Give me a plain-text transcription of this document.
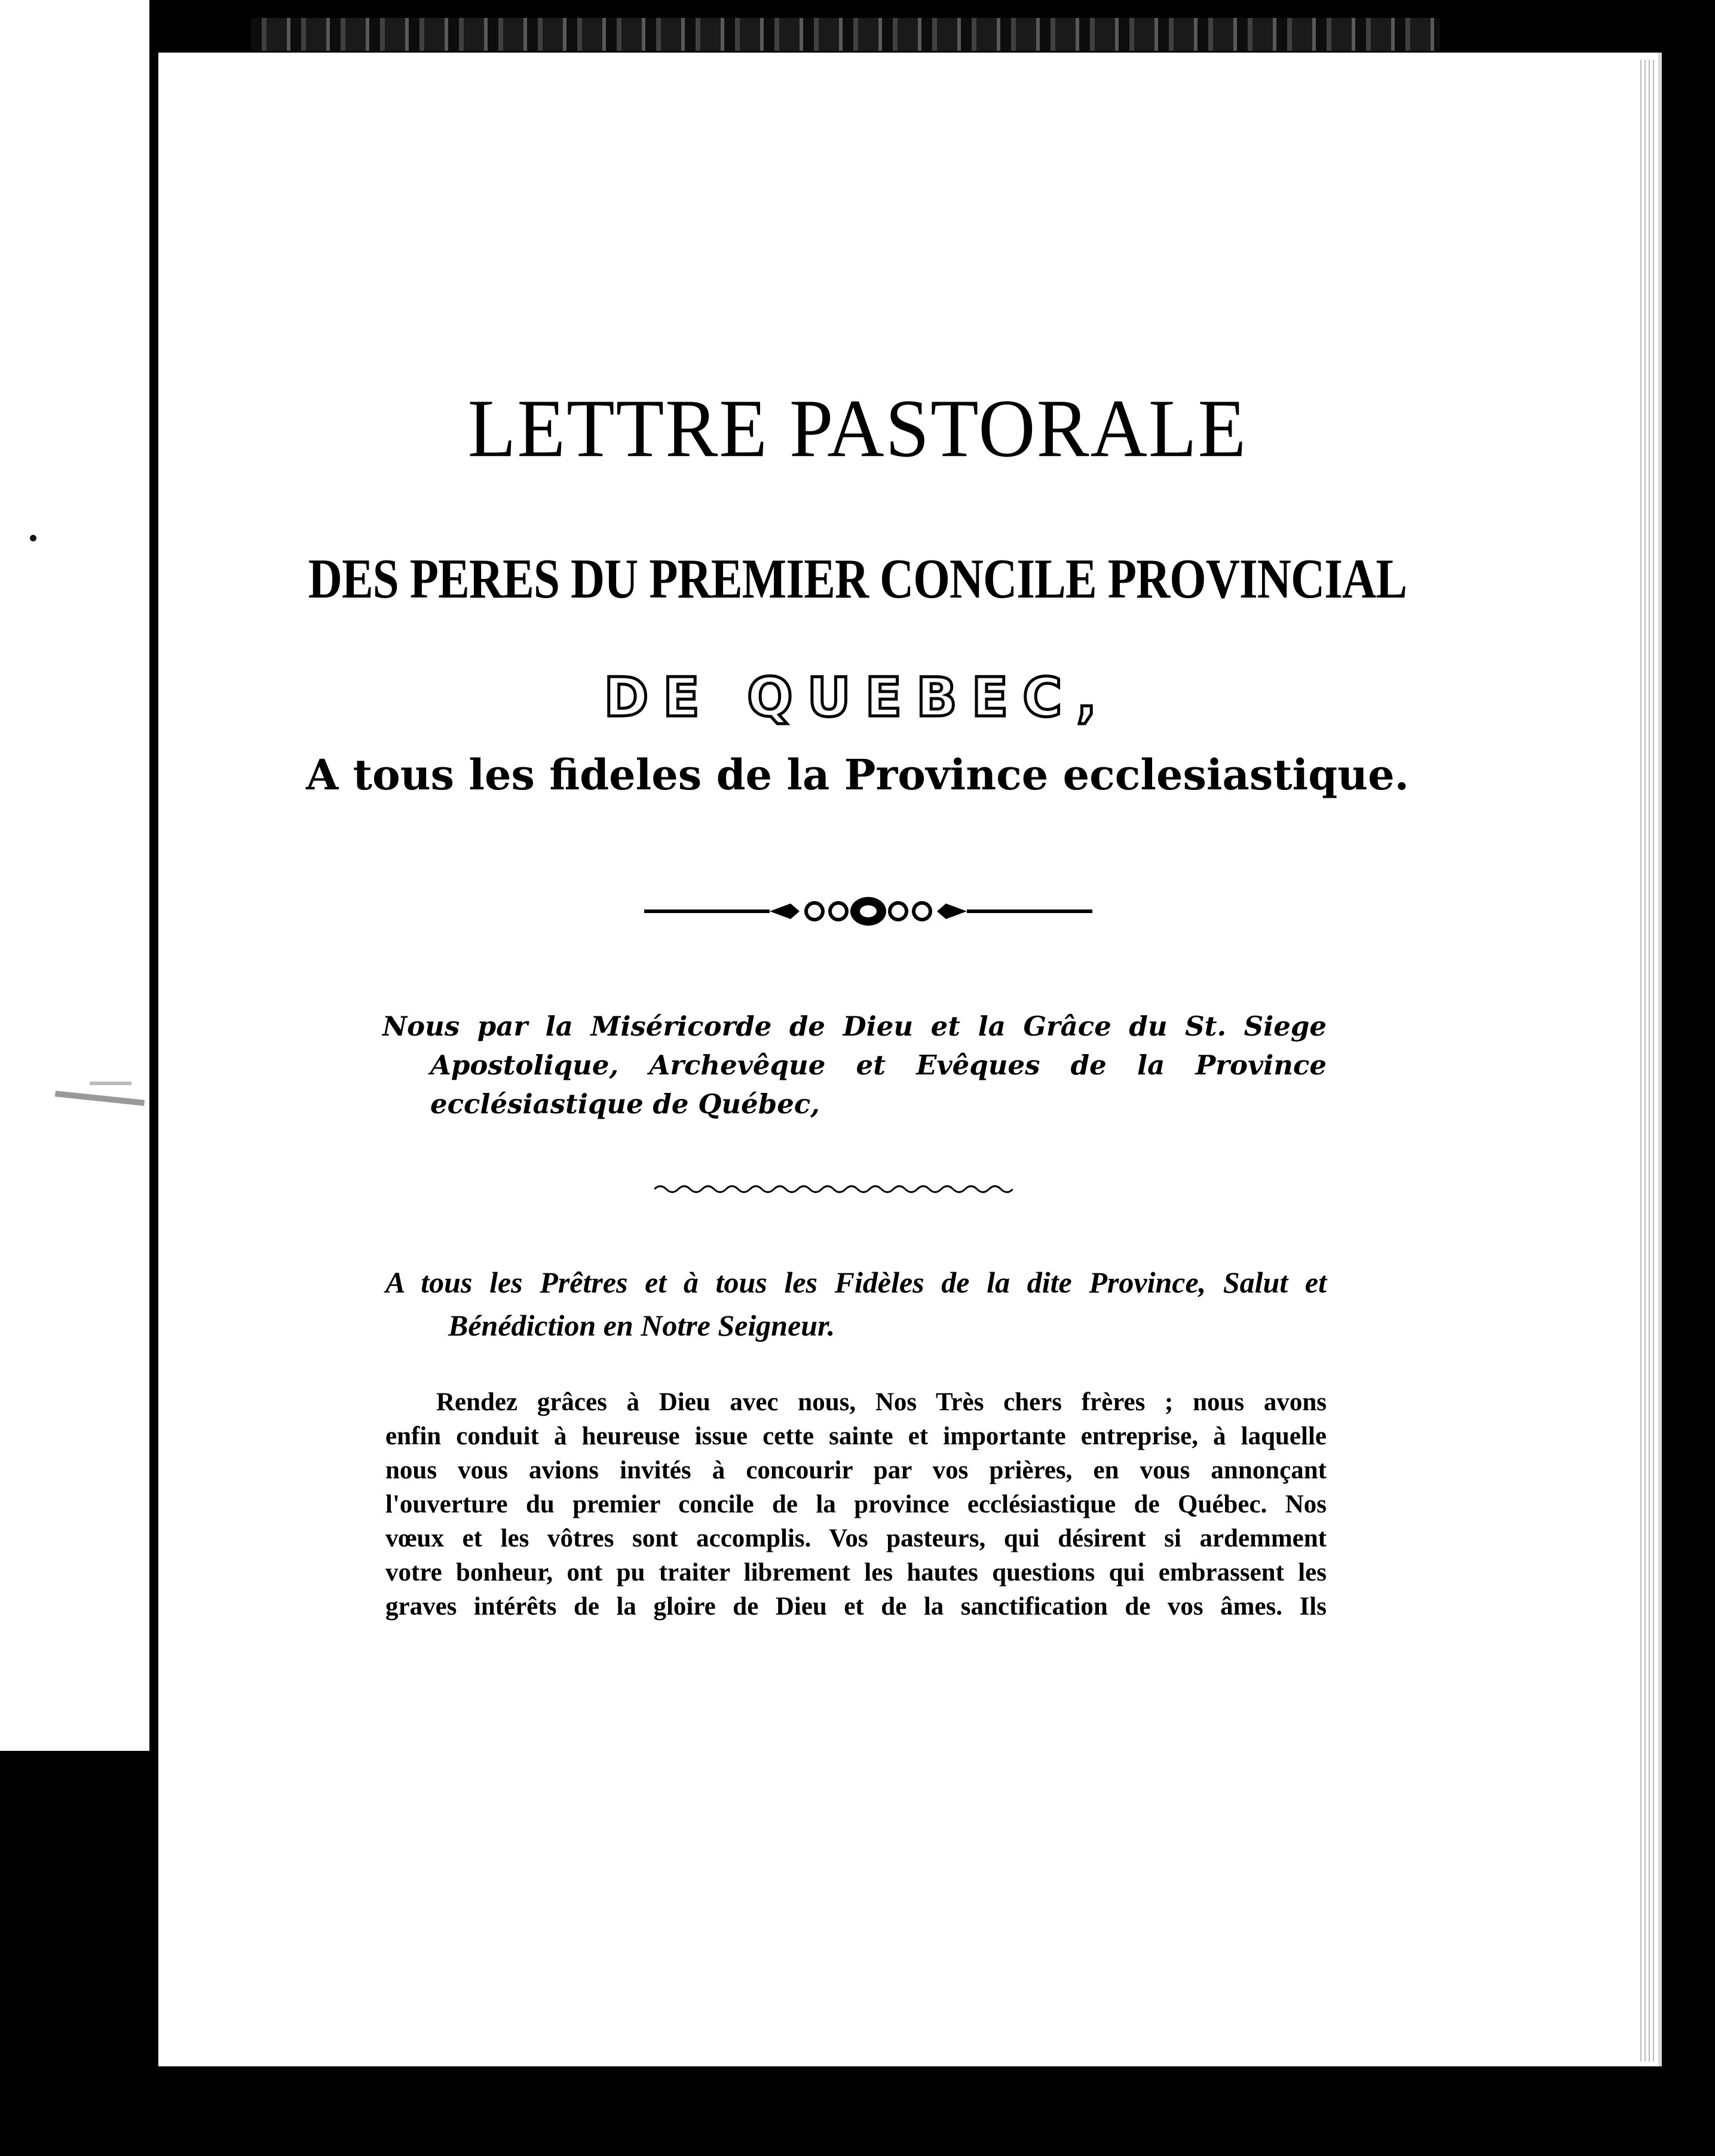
LETTRE PASTORALE
DES PERES DU PREMIER CONCILE PROVINCIAL
DE QUEBEC,
A tous les fideles de la Province ecclesiastique.
Nous par la Miséricorde de Dieu et la Grâce du St. Siege
Apostolique, Archevêque et Evêques de la Province
ecclésiastique de Québec,
A tous les Prêtres et à tous les Fidèles de la dite Province, Salut et
Bénédiction en Notre Seigneur.
Rendez grâces à Dieu avec nous, Nos Très chers frères ; nous avons
enfin conduit à heureuse issue cette sainte et importante entreprise, à laquelle
nous vous avions invités à concourir par vos prières, en vous annonçant
l'ouverture du premier concile de la province ecclésiastique de Québec. Nos
vœux et les vôtres sont accomplis. Vos pasteurs, qui désirent si ardemment
votre bonheur, ont pu traiter librement les hautes questions qui embrassent les
graves intérêts de la gloire de Dieu et de la sanctification de vos âmes. Ils
